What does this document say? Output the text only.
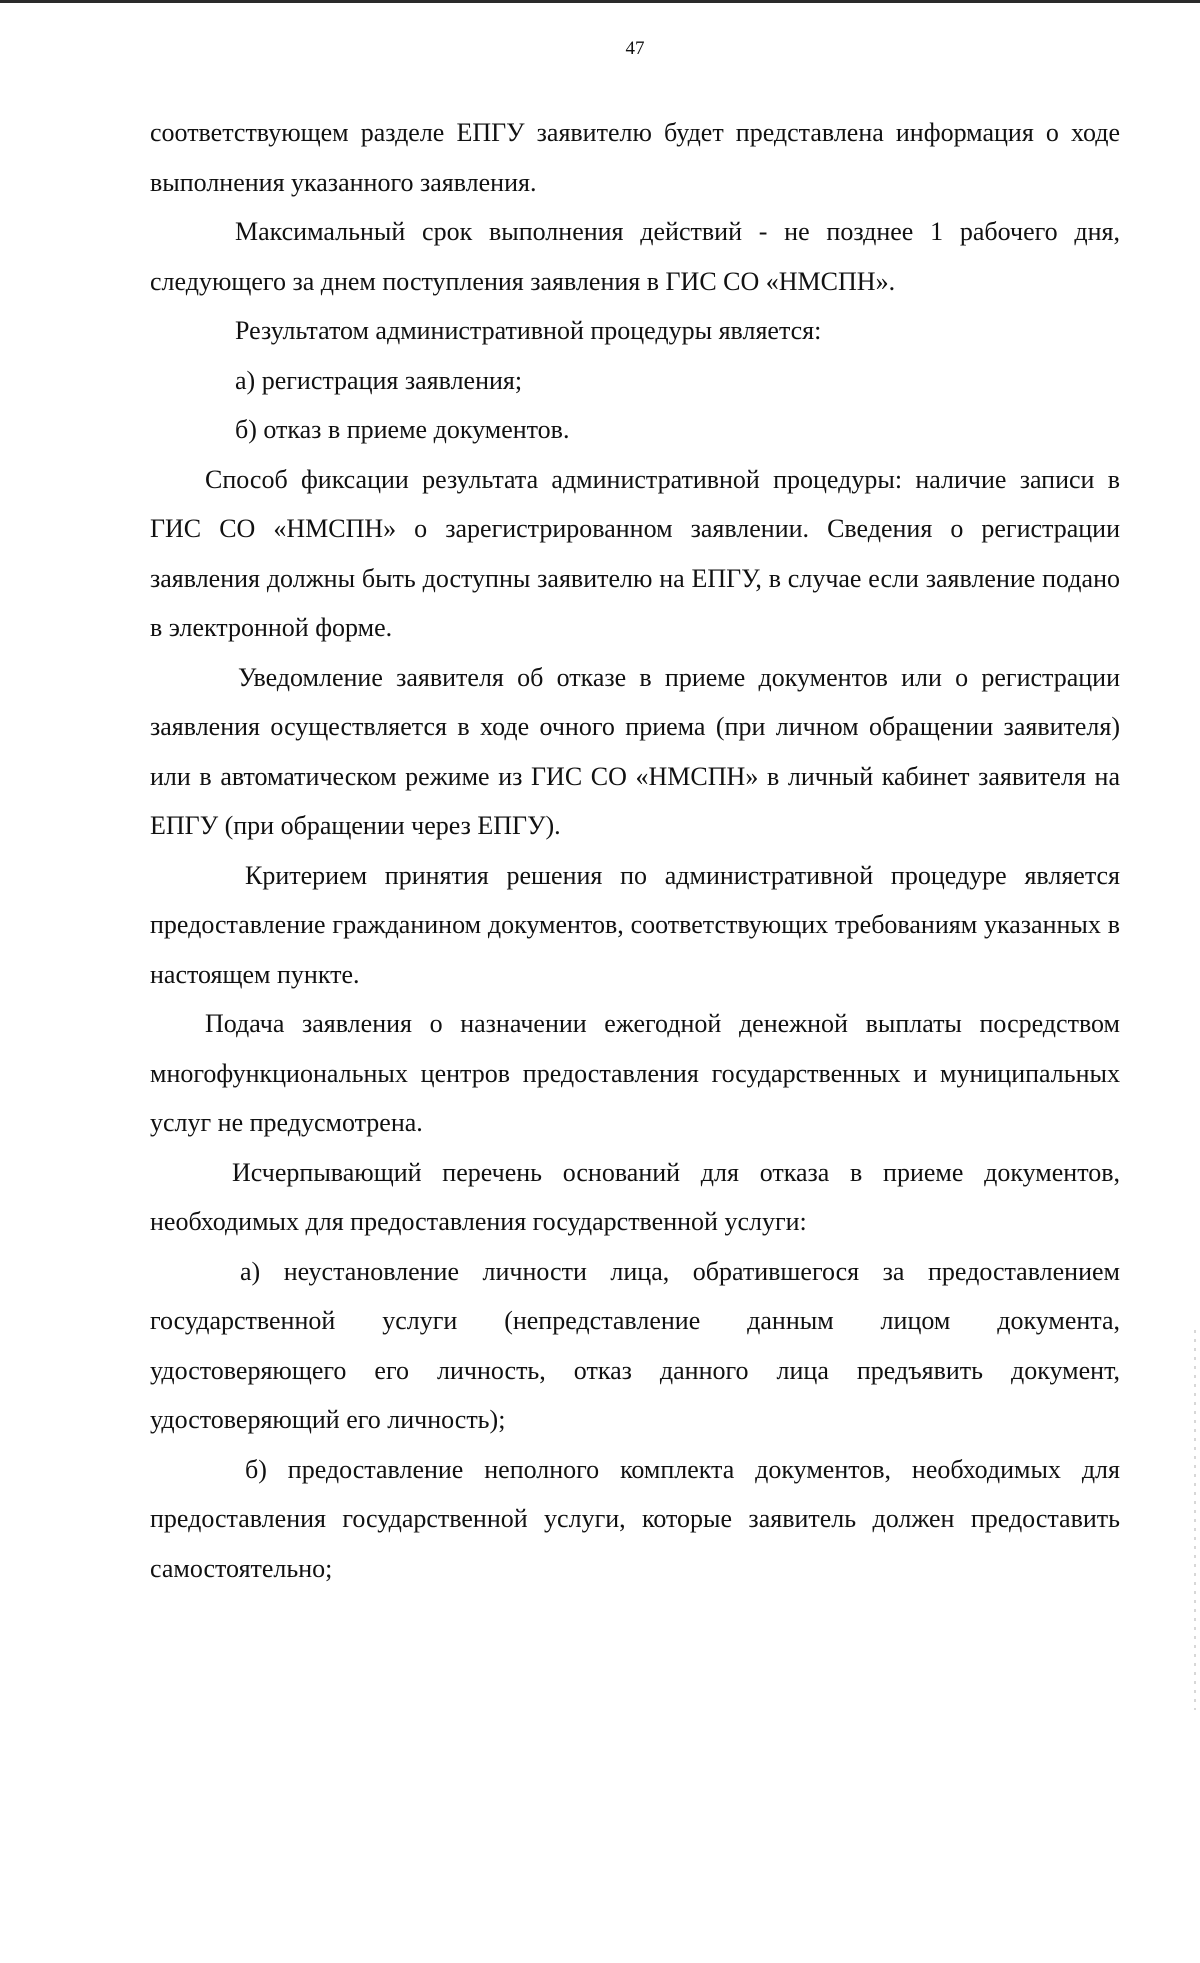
47

соответствующем разделе ЕПГУ заявителю будет представлена информация о ходе выполнения указанного заявления.

Максимальный срок выполнения действий - не позднее 1 рабочего дня, следующего за днем поступления заявления в ГИС СО «НМСПН».

Результатом административной процедуры является:

а) регистрация заявления;

б) отказ в приеме документов.

Способ фиксации результата административной процедуры: наличие записи в ГИС СО «НМСПН» о зарегистрированном заявлении. Сведения о регистрации заявления должны быть доступны заявителю на ЕПГУ, в случае если заявление подано в электронной форме.

Уведомление заявителя об отказе в приеме документов или о регистрации заявления осуществляется в ходе очного приема (при личном обращении заявителя) или в автоматическом режиме из ГИС СО «НМСПН» в личный кабинет заявителя на ЕПГУ (при обращении через ЕПГУ).

Критерием принятия решения по административной процедуре является предоставление гражданином документов, соответствующих требованиям указанных в настоящем пункте.

Подача заявления о назначении ежегодной денежной выплаты посредством многофункциональных центров предоставления государственных и муниципальных услуг не предусмотрена.

Исчерпывающий перечень оснований для отказа в приеме документов, необходимых для предоставления государственной услуги:

а) неустановление личности лица, обратившегося за предоставлением государственной услуги (непредставление данным лицом документа, удостоверяющего его личность, отказ данного лица предъявить документ, удостоверяющий его личность);

б) предоставление неполного комплекта документов, необходимых для предоставления государственной услуги, которые заявитель должен предоставить самостоятельно;
